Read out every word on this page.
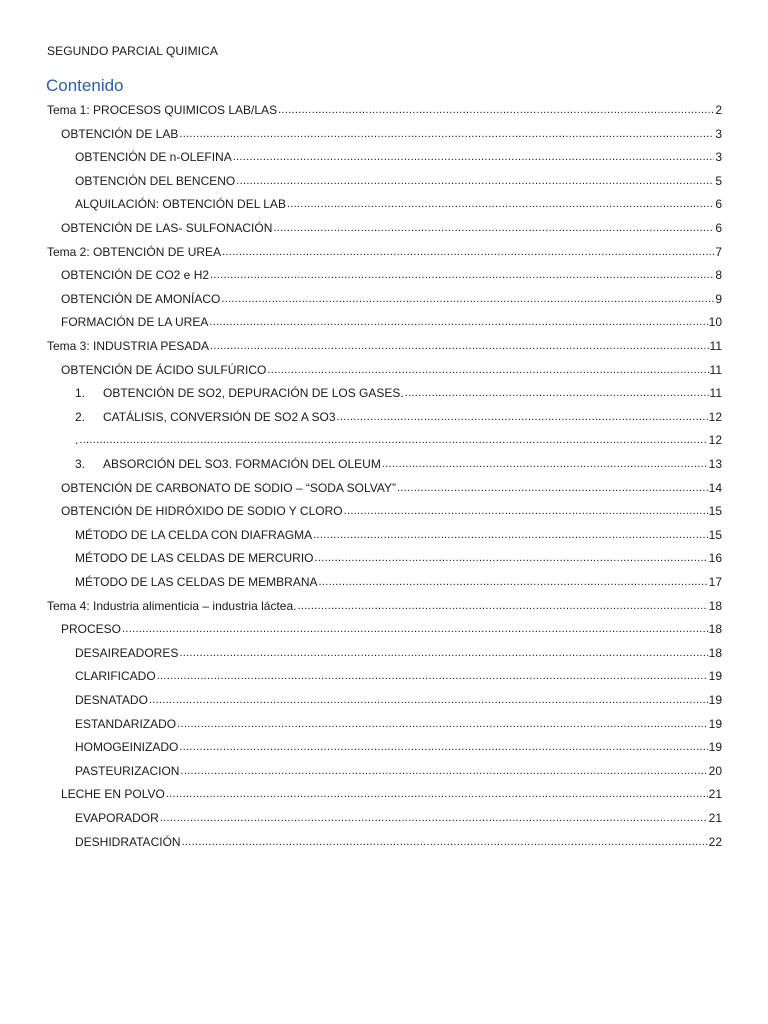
SEGUNDO PARCIAL QUIMICA
Contenido
Tema 1: PROCESOS QUIMICOS LAB/LAS .....	2
OBTENCIÓN DE LAB .....	3
OBTENCIÓN DE n-OLEFINA .....	3
OBTENCIÓN DEL BENCENO .....	5
ALQUILACIÓN: OBTENCIÓN DEL LAB .....	6
OBTENCIÓN DE LAS- SULFONACIÓN .....	6
Tema 2: OBTENCIÓN DE UREA .....	7
OBTENCIÓN DE CO2 e H2 .....	8
OBTENCIÓN DE AMONÍACO .....	9
FORMACIÓN DE LA UREA .....	10
Tema 3: INDUSTRIA PESADA .....	11
OBTENCIÓN DE ÁCIDO SULFÚRICO .....	11
1.	OBTENCIÓN DE SO2, DEPURACIÓN DE LOS GASES. .....	11
2.	CATÁLISIS, CONVERSIÓN DE SO2 A SO3 .....	12
. .....	12
3.	ABSORCIÓN DEL SO3. FORMACIÓN DEL OLEUM .....	13
OBTENCIÓN DE CARBONATO DE SODIO – “SODA SOLVAY” .....	14
OBTENCIÓN DE HIDRÓXIDO DE SODIO Y CLORO .....	15
MÉTODO DE LA CELDA CON DIAFRAGMA .....	15
MÉTODO DE LAS CELDAS DE MERCURIO .....	16
MÉTODO DE LAS CELDAS DE MEMBRANA .....	17
Tema 4: Industria alimenticia – industria láctea. .....	18
PROCESO .....	18
DESAIREADORES .....	18
CLARIFICADO .....	19
DESNATADO .....	19
ESTANDARIZADO .....	19
HOMOGEINIZADO .....	19
PASTEURIZACION .....	20
LECHE EN POLVO .....	21
EVAPORADOR .....	21
DESHIDRATACIÓN .....	22
